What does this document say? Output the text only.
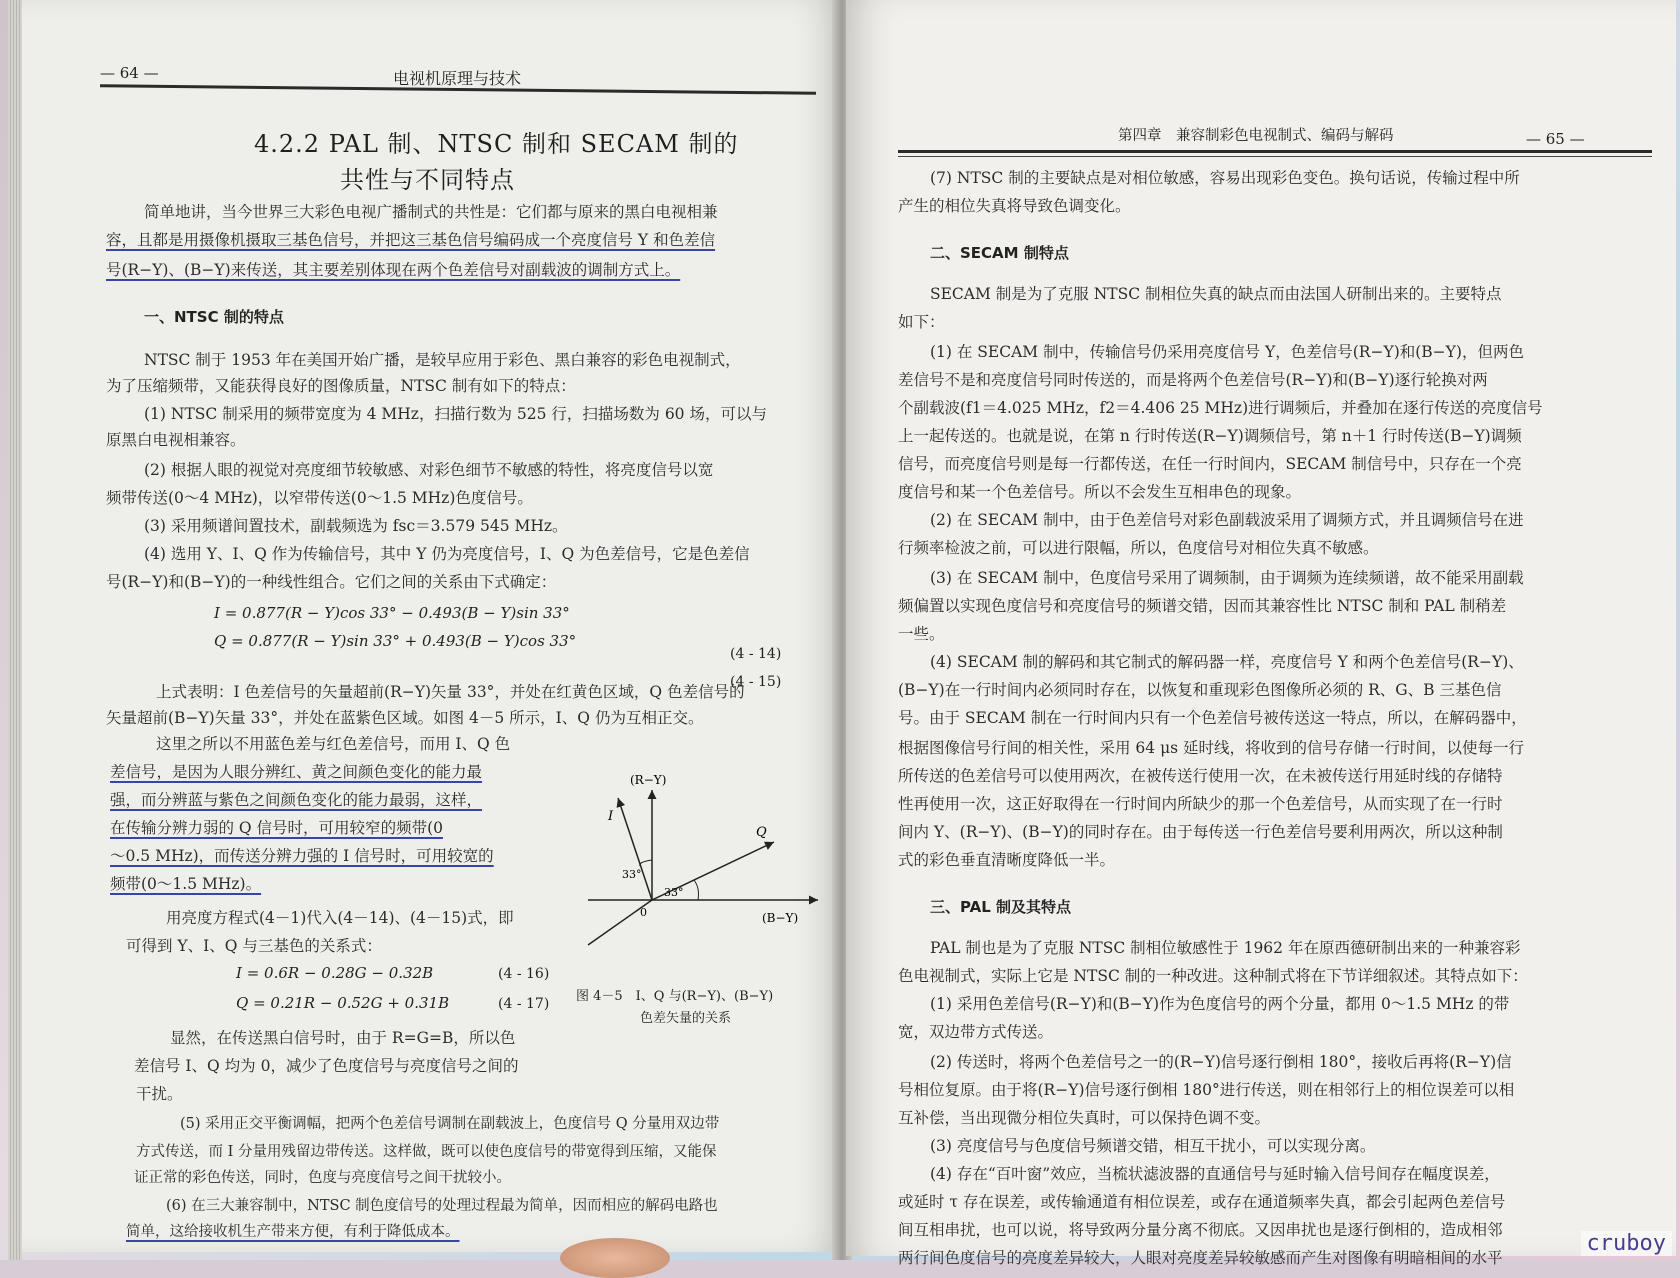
— 64 —	电视机原理与技术
4.2.2 PAL 制、NTSC 制和 SECAM 制的
共性与不同特点
简单地讲，当今世界三大彩色电视广播制式的共性是：它们都与原来的黑白电视相兼
容，且都是用摄像机摄取三基色信号，并把这三基色信号编码成一个亮度信号 Y 和色差信
号(R−Y)、(B−Y)来传送，其主要差别体现在两个色差信号对副载波的调制方式上。
一、NTSC 制的特点
NTSC 制于 1953 年在美国开始广播，是较早应用于彩色、黑白兼容的彩色电视制式，
为了压缩频带，又能获得良好的图像质量，NTSC 制有如下的特点：
(1) NTSC 制采用的频带宽度为 4 MHz，扫描行数为 525 行，扫描场数为 60 场，可以与
原黑白电视相兼容。
(2) 根据人眼的视觉对亮度细节较敏感、对彩色细节不敏感的特性，将亮度信号以宽
频带传送(0～4 MHz)，以窄带传送(0～1.5 MHz)色度信号。
(3) 采用频谱间置技术，副载频选为 fsc＝3.579 545 MHz。
(4) 选用 Y、I、Q 作为传输信号，其中 Y 仍为亮度信号，I、Q 为色差信号，它是色差信
号(R−Y)和(B−Y)的一种线性组合。它们之间的关系由下式确定：
I = 0.877(R − Y)cos 33° − 0.493(B − Y)sin 33°
Q = 0.877(R − Y)sin 33° + 0.493(B − Y)cos 33°
(4 - 14)
(4 - 15)
上式表明：I 色差信号的矢量超前(R−Y)矢量 33°，并处在红黄色区域，Q 色差信号的
矢量超前(B−Y)矢量 33°，并处在蓝紫色区域。如图 4－5 所示，I、Q 仍为互相正交。
这里之所以不用蓝色差与红色差信号，而用 I、Q 色
差信号，是因为人眼分辨红、黄之间颜色变化的能力最
强，而分辨蓝与紫色之间颜色变化的能力最弱，这样，
在传输分辨力弱的 Q 信号时，可用较窄的频带(0
～0.5 MHz)，而传送分辨力强的 I 信号时，可用较宽的
频带(0～1.5 MHz)。
用亮度方程式(4－1)代入(4－14)、(4－15)式，即
可得到 Y、I、Q 与三基色的关系式：
I = 0.6R − 0.28G − 0.32B
Q = 0.21R − 0.52G + 0.31B
(4 - 16)
(4 - 17)
显然，在传送黑白信号时，由于 R=G=B，所以色
差信号 I、Q 均为 0，减少了色度信号与亮度信号之间的
干扰。
(5) 采用正交平衡调幅，把两个色差信号调制在副载波上，色度信号 Q 分量用双边带
方式传送，而 I 分量用残留边带传送。这样做，既可以使色度信号的带宽得到压缩，又能保
证正常的彩色传送，同时，色度与亮度信号之间干扰较小。
(6) 在三大兼容制中，NTSC 制色度信号的处理过程最为简单，因而相应的解码电路也
简单，这给接收机生产带来方便，有利于降低成本。
(R−Y)
I
Q
33°
33°
0	(B−Y)
图 4－5　I、Q 与(R−Y)、(B−Y)
色差矢量的关系
第四章　兼容制彩色电视制式、编码与解码	— 65 —
(7) NTSC 制的主要缺点是对相位敏感，容易出现彩色变色。换句话说，传输过程中所
产生的相位失真将导致色调变化。
二、SECAM 制特点
SECAM 制是为了克服 NTSC 制相位失真的缺点而由法国人研制出来的。主要特点
如下：
(1) 在 SECAM 制中，传输信号仍采用亮度信号 Y，色差信号(R−Y)和(B−Y)，但两色
差信号不是和亮度信号同时传送的，而是将两个色差信号(R−Y)和(B−Y)逐行轮换对两
个副载波(f1＝4.025 MHz，f2＝4.406 25 MHz)进行调频后，并叠加在逐行传送的亮度信号
上一起传送的。也就是说，在第 n 行时传送(R−Y)调频信号，第 n＋1 行时传送(B−Y)调频
信号，而亮度信号则是每一行都传送，在任一行时间内，SECAM 制信号中，只存在一个亮
度信号和某一个色差信号。所以不会发生互相串色的现象。
(2) 在 SECAM 制中，由于色差信号对彩色副载波采用了调频方式，并且调频信号在进
行频率检波之前，可以进行限幅，所以，色度信号对相位失真不敏感。
(3) 在 SECAM 制中，色度信号采用了调频制，由于调频为连续频谱，故不能采用副载
频偏置以实现色度信号和亮度信号的频谱交错，因而其兼容性比 NTSC 制和 PAL 制稍差
一些。
(4) SECAM 制的解码和其它制式的解码器一样，亮度信号 Y 和两个色差信号(R−Y)、
(B−Y)在一行时间内必须同时存在，以恢复和重现彩色图像所必须的 R、G、B 三基色信
号。由于 SECAM 制在一行时间内只有一个色差信号被传送这一特点，所以，在解码器中，
根据图像信号行间的相关性，采用 64 μs 延时线，将收到的信号存储一行时间，以使每一行
所传送的色差信号可以使用两次，在被传送行使用一次，在未被传送行用延时线的存储特
性再使用一次，这正好取得在一行时间内所缺少的那一个色差信号，从而实现了在一行时
间内 Y、(R−Y)、(B−Y)的同时存在。由于每传送一行色差信号要利用两次，所以这种制
式的彩色垂直清晰度降低一半。
三、PAL 制及其特点
PAL 制也是为了克服 NTSC 制相位敏感性于 1962 年在原西德研制出来的一种兼容彩
色电视制式，实际上它是 NTSC 制的一种改进。这种制式将在下节详细叙述。其特点如下：
(1) 采用色差信号(R−Y)和(B−Y)作为色度信号的两个分量，都用 0～1.5 MHz 的带
宽，双边带方式传送。
(2) 传送时，将两个色差信号之一的(R−Y)信号逐行倒相 180°，接收后再将(R−Y)信
号相位复原。由于将(R−Y)信号逐行倒相 180°进行传送，则在相邻行上的相位误差可以相
互补偿，当出现微分相位失真时，可以保持色调不变。
(3) 亮度信号与色度信号频谱交错，相互干扰小，可以实现分离。
(4) 存在“百叶窗”效应，当梳状滤波器的直通信号与延时输入信号间存在幅度误差，
或延时 τ 存在误差，或传输通道有相位误差，或存在通道频率失真，都会引起两色差信号
间互相串扰，也可以说，将导致两分量分离不彻底。又因串扰也是逐行倒相的，造成相邻
两行间色度信号的亮度差异较大，人眼对亮度差异较敏感而产生对图像有明暗相间的水平
cruboy
